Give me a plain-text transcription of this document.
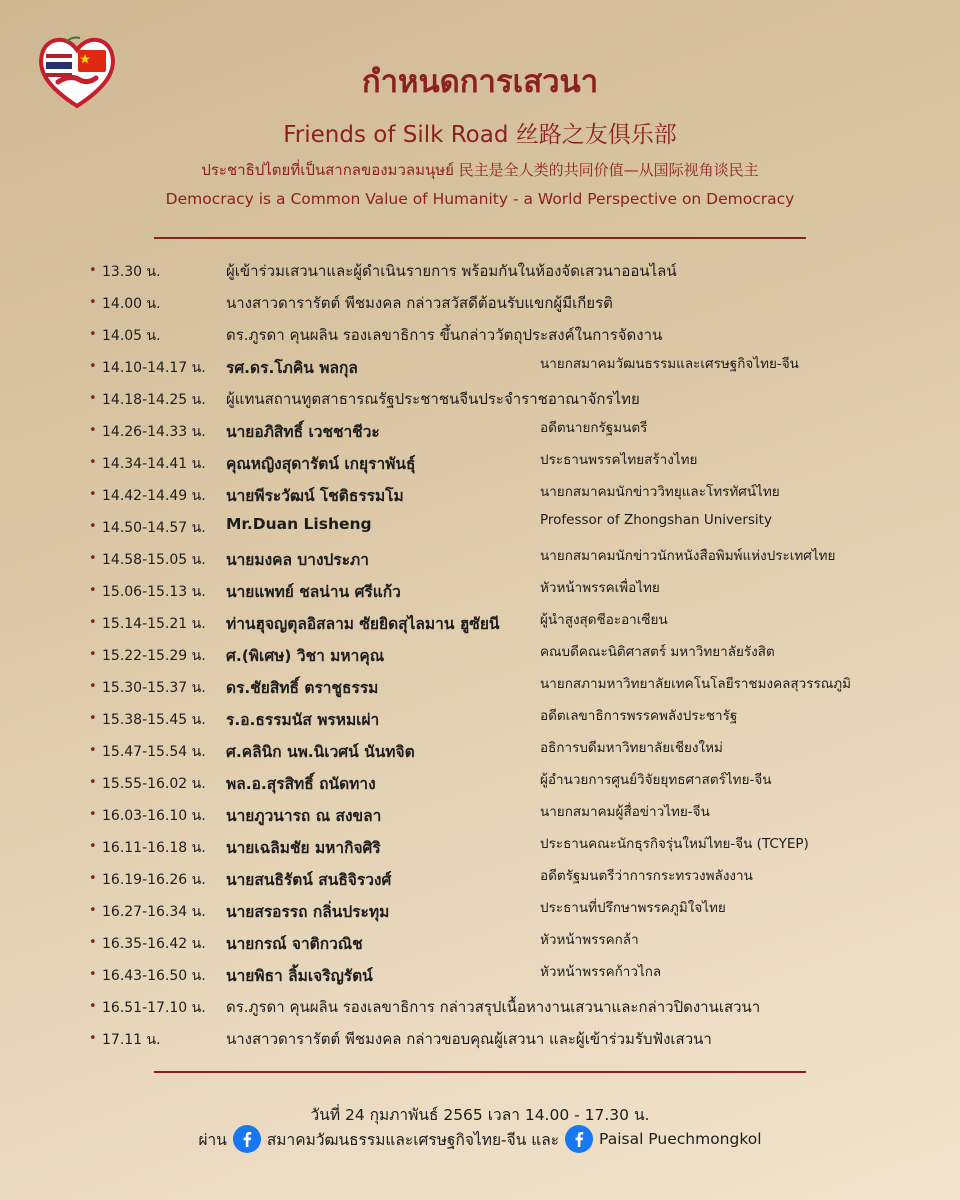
กำหนดการเสวนา
Friends of Silk Road 丝路之友俱乐部
ประชาธิปไตยที่เป็นสากลของมวลมนุษย์ 民主是全人类的共同价值—从国际视角谈民主
Democracy is a Common Value of Humanity - a World Perspective on Democracy
• 13.30 น.	ผู้เข้าร่วมเสวนาและผู้ดำเนินรายการ พร้อมกันในห้องจัดเสวนาออนไลน์
• 14.00 น.	นางสาวดารารัตต์ พีชมงคล กล่าวสวัสดีต้อนรับแขกผู้มีเกียรติ
• 14.05 น.	ดร.ภูรดา คุนผลิน รองเลขาธิการ ขึ้นกล่าววัตถุประสงค์ในการจัดงาน
• 14.10-14.17 น. รศ.ดร.โภคิน พลกุล	นายกสมาคมวัฒนธรรมและเศรษฐกิจไทย-จีน
• 14.18-14.25 น. ผู้แทนสถานทูตสาธารณรัฐประชาชนจีนประจำราชอาณาจักรไทย
• 14.26-14.33 น. นายอภิสิทธิ์ เวชชาชีวะ	อดีตนายกรัฐมนตรี
• 14.34-14.41 น. คุณหญิงสุดารัตน์ เกยุราพันธุ์	ประธานพรรคไทยสร้างไทย
• 14.42-14.49 น. นายพีระวัฒน์ โชติธรรมโม	นายกสมาคมนักข่าววิทยุและโทรทัศน์ไทย
• 14.50-14.57 น. Mr.Duan Lisheng	Professor of Zhongshan University
• 14.58-15.05 น. นายมงคล บางประภา	นายกสมาคมนักข่าวนักหนังสือพิมพ์แห่งประเทศไทย
• 15.06-15.13 น. นายแพทย์ ชลน่าน ศรีแก้ว	หัวหน้าพรรคเพื่อไทย
• 15.14-15.21 น. ท่านฮุจญตุลอิสลาม ซัยยิดสุไลมาน ฮูซัยนี	ผู้นำสูงสุดชีอะอาเซียน
• 15.22-15.29 น. ศ.(พิเศษ) วิชา มหาคุณ	คณบดีคณะนิติศาสตร์ มหาวิทยาลัยรังสิต
• 15.30-15.37 น. ดร.ชัยสิทธิ์ ตราชูธรรม	นายกสภามหาวิทยาลัยเทคโนโลยีราชมงคลสุวรรณภูมิ
• 15.38-15.45 น. ร.อ.ธรรมนัส พรหมเผ่า	อดีตเลขาธิการพรรคพลังประชารัฐ
• 15.47-15.54 น. ศ.คลินิก นพ.นิเวศน์ นันทจิต	อธิการบดีมหาวิทยาลัยเชียงใหม่
• 15.55-16.02 น. พล.อ.สุรสิทธิ์ ถนัดทาง	ผู้อำนวยการศูนย์วิจัยยุทธศาสตร์ไทย-จีน
• 16.03-16.10 น. นายภูวนารถ ณ สงขลา	นายกสมาคมผู้สื่อข่าวไทย-จีน
• 16.11-16.18 น. นายเฉลิมชัย มหากิจศิริ	ประธานคณะนักธุรกิจรุ่นใหม่ไทย-จีน (TCYEP)
• 16.19-16.26 น. นายสนธิรัตน์ สนธิจิรวงศ์	อดีตรัฐมนตรีว่าการกระทรวงพลังงาน
• 16.27-16.34 น. นายสรอรรถ กลิ่นประทุม	ประธานที่ปรึกษาพรรคภูมิใจไทย
• 16.35-16.42 น. นายกรณ์ จาติกวณิช	หัวหน้าพรรคกล้า
• 16.43-16.50 น. นายพิธา ลิ้มเจริญรัตน์	หัวหน้าพรรคก้าวไกล
• 16.51-17.10 น. ดร.ภูรดา คุนผลิน รองเลขาธิการ กล่าวสรุปเนื้อหางานเสวนาและกล่าวปิดงานเสวนา
• 17.11 น.	นางสาวดารารัตต์ พีชมงคล กล่าวขอบคุณผู้เสวนา และผู้เข้าร่วมรับฟังเสวนา
วันที่ 24 กุมภาพันธ์ 2565 เวลา 14.00 - 17.30 น.
ผ่าน	สมาคมวัฒนธรรมและเศรษฐกิจไทย-จีน และ	Paisal Puechmongkol
